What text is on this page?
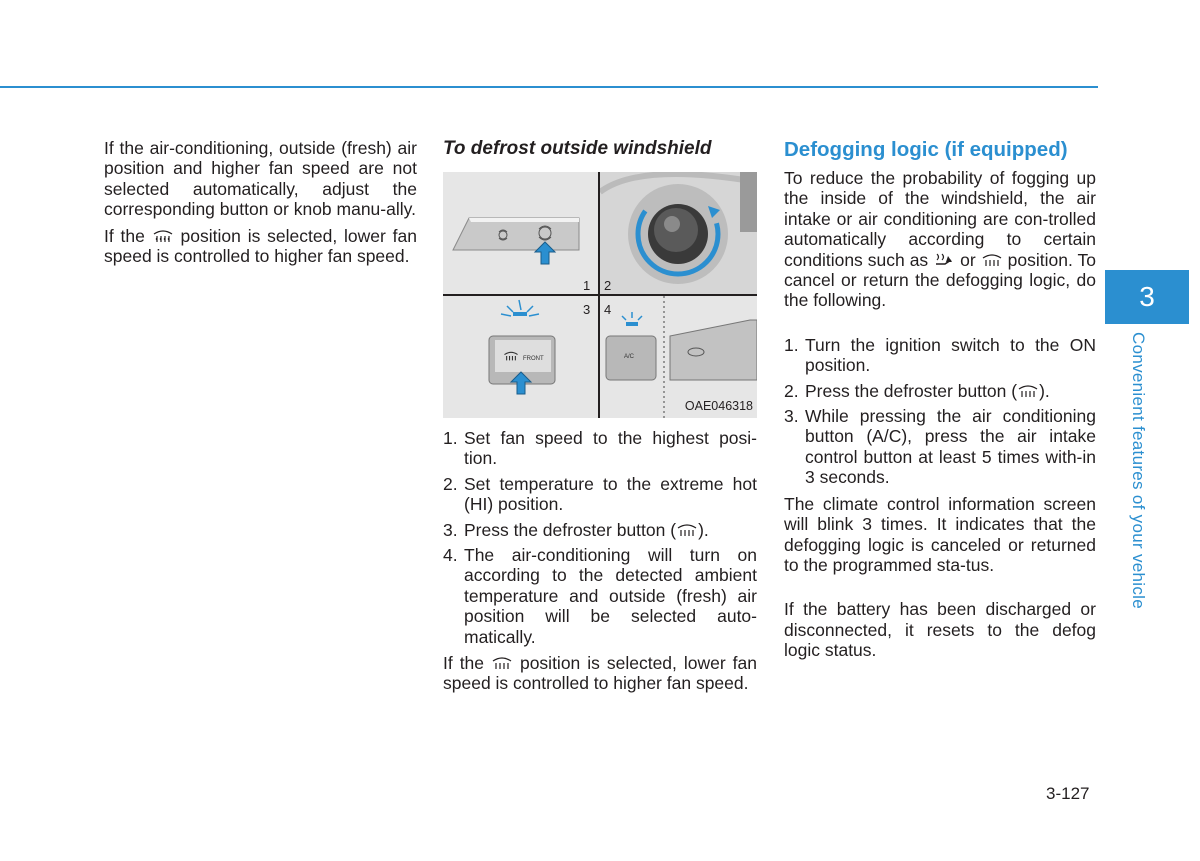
If the air-conditioning, outside (fresh) air position and higher fan speed are not selected automatically, adjust the corresponding button or knob manu-ally.

If the position is selected, lower fan speed is controlled to higher fan speed.

To defrost outside windshield
FRONT	A/C
1 2
3 4
OAE046318
1. Set fan speed to the highest posi-tion.
2. Set temperature to the extreme hot (HI) position.
3. Press the defroster button ( ).
4. The air-conditioning will turn on according to the detected ambient temperature and outside (fresh) air position will be selected auto-matically.

If the position is selected, lower fan speed is controlled to higher fan speed.

Defogging logic (if equipped)

To reduce the probability of fogging up the inside of the windshield, the air intake or air conditioning are con-trolled automatically according to certain conditions such as or position. To cancel or return the defogging logic, do the following.

1. Turn the ignition switch to the ON position.
2. Press the defroster button ( ).
3. While pressing the air conditioning button (A/C), press the air intake control button at least 5 times with-in 3 seconds.

The climate control information screen will blink 3 times. It indicates that the defogging logic is canceled or returned to the programmed sta-tus.

If the battery has been discharged or disconnected, it resets to the defog logic status.

3
Convenient features of your vehicle
3-127
